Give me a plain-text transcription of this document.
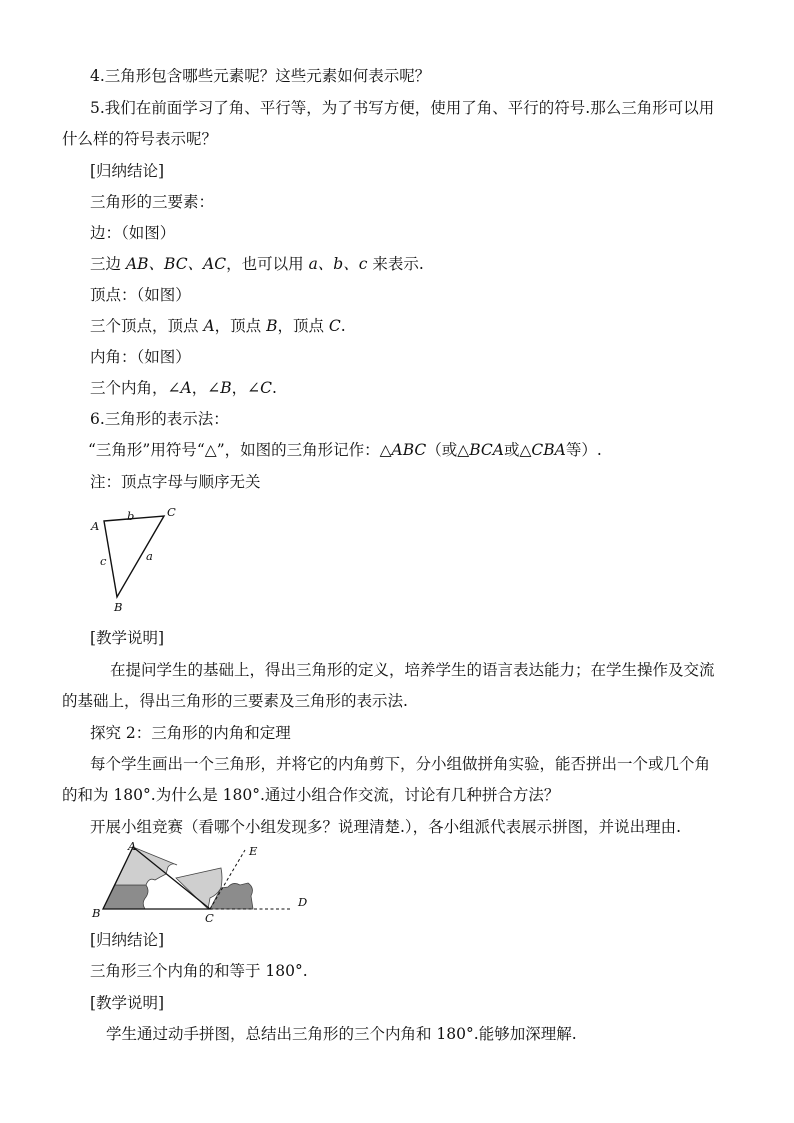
4.三角形包含哪些元素呢？这些元素如何表示呢？
5.我们在前面学习了角、平行等，为了书写方便，使用了角、平行的符号.那么三角形可以用
什么样的符号表示呢？
[归纳结论]
三角形的三要素：
边：（如图）
三边 AB、BC、AC，也可以用 a、b、c 来表示.
顶点：（如图）
三个顶点，顶点 A，顶点 B，顶点 C.
内角：（如图）
三个内角，∠A，∠B，∠C.
6.三角形的表示法：
“三角形”用符号“△”，如图的三角形记作：△ABC（或△BCA或△CBA等）.
注：顶点字母与顺序无关
A
C
B
b
a
c
[教学说明]
在提问学生的基础上，得出三角形的定义，培养学生的语言表达能力；在学生操作及交流
的基础上，得出三角形的三要素及三角形的表示法.
探究 2：三角形的内角和定理
每个学生画出一个三角形，并将它的内角剪下，分小组做拼角实验，能否拼出一个或几个角
的和为 180°.为什么是 180°.通过小组合作交流，讨论有几种拼合方法？
开展小组竞赛（看哪个小组发现多？说理清楚.），各小组派代表展示拼图，并说出理由.
A
B	C
D
E
[归纳结论]
三角形三个内角的和等于 180°.
[教学说明]
学生通过动手拼图，总结出三角形的三个内角和 180°.能够加深理解.
